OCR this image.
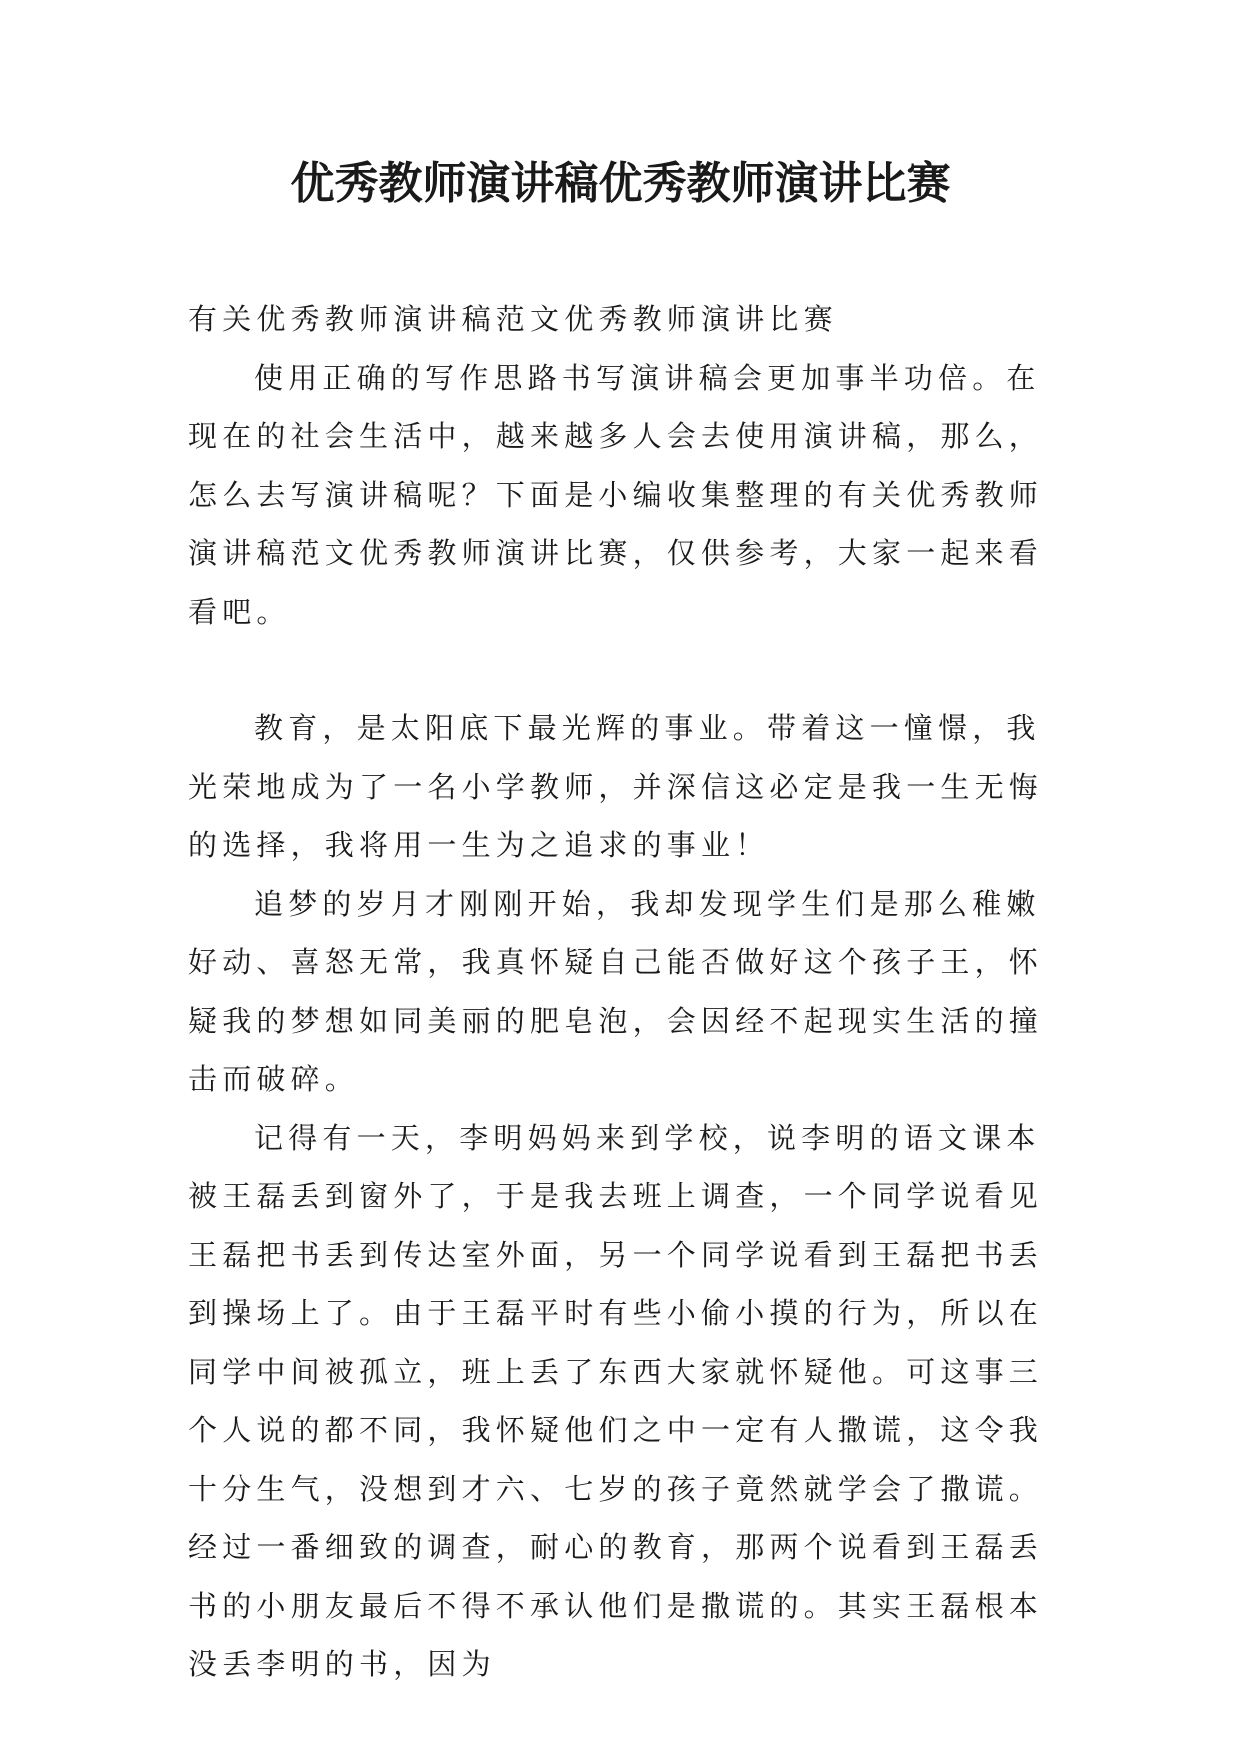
优秀教师演讲稿优秀教师演讲比赛

有关优秀教师演讲稿范文优秀教师演讲比赛

使用正确的写作思路书写演讲稿会更加事半功倍。在现在的社会生活中，越来越多人会去使用演讲稿，那么，怎么去写演讲稿呢？下面是小编收集整理的有关优秀教师演讲稿范文优秀教师演讲比赛，仅供参考，大家一起来看看吧。

教育，是太阳底下最光辉的事业。带着这一憧憬，我光荣地成为了一名小学教师，并深信这必定是我一生无悔的选择，我将用一生为之追求的事业！

追梦的岁月才刚刚开始，我却发现学生们是那么稚嫩好动、喜怒无常，我真怀疑自己能否做好这个孩子王，怀疑我的梦想如同美丽的肥皂泡，会因经不起现实生活的撞击而破碎。

记得有一天，李明妈妈来到学校，说李明的语文课本被王磊丢到窗外了，于是我去班上调查，一个同学说看见王磊把书丢到传达室外面，另一个同学说看到王磊把书丢到操场上了。由于王磊平时有些小偷小摸的行为，所以在同学中间被孤立，班上丢了东西大家就怀疑他。可这事三个人说的都不同，我怀疑他们之中一定有人撒谎，这令我十分生气，没想到才六、七岁的孩子竟然就学会了撒谎。经过一番细致的调查，耐心的教育，那两个说看到王磊丢书的小朋友最后不得不承认他们是撒谎的。其实王磊根本没丢李明的书，因为
